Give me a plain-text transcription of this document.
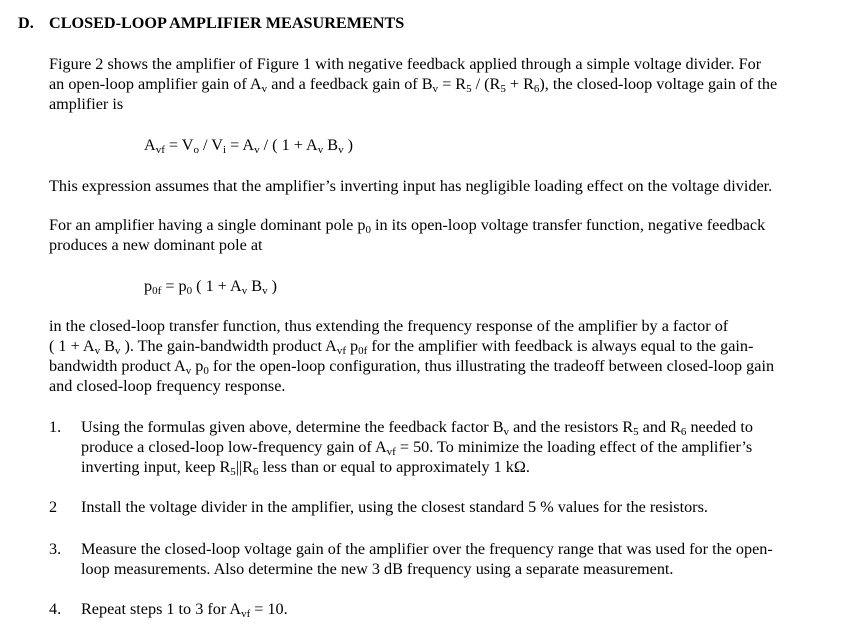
D. CLOSED-LOOP AMPLIFIER MEASUREMENTS
Figure 2 shows the amplifier of Figure 1 with negative feedback applied through a simple voltage divider. For
an open-loop amplifier gain of $A_v$ and a feedback gain of $B_v = R_5 / (R_5 + R_6)$, the closed-loop voltage gain of the
amplifier is
$A_{vf} = V_o / V_i = A_v$ / ( $1 + A_v$ $B_v$ )
This expression assumes that the amplifier’s inverting input has negligible loading effect on the voltage divider.
For an amplifier having a single dominant pole $p_0$ in its open-loop voltage transfer function, negative feedback
produces a new dominant pole at
$p_{0f} = p_0$ ( $1 + A_v$ $B_v$ )
in the closed-loop transfer function, thus extending the frequency response of the amplifier by a factor of
( $1 + A_v$ $B_v$ ). The gain-bandwidth product $A_{vf}$ $p_{0f}$ for the amplifier with feedback is always equal to the gain-
bandwidth product $A_v$ $p_0$ for the open-loop configuration, thus illustrating the tradeoff between closed-loop gain
and closed-loop frequency response.
1. Using the formulas given above, determine the feedback factor $B_v$ and the resistors $R_5$ and $R_6$ needed to
produce a closed-loop low-frequency gain of $A_{vf} = 50$. To minimize the loading effect of the amplifier’s
inverting input, keep $R_5||R_6$ less than or equal to approximately 1 kΩ.
2 Install the voltage divider in the amplifier, using the closest standard 5 % values for the resistors.
3. Measure the closed-loop voltage gain of the amplifier over the frequency range that was used for the open-
loop measurements. Also determine the new 3 dB frequency using a separate measurement.
4. Repeat steps 1 to 3 for $A_{vf} = 10$.
